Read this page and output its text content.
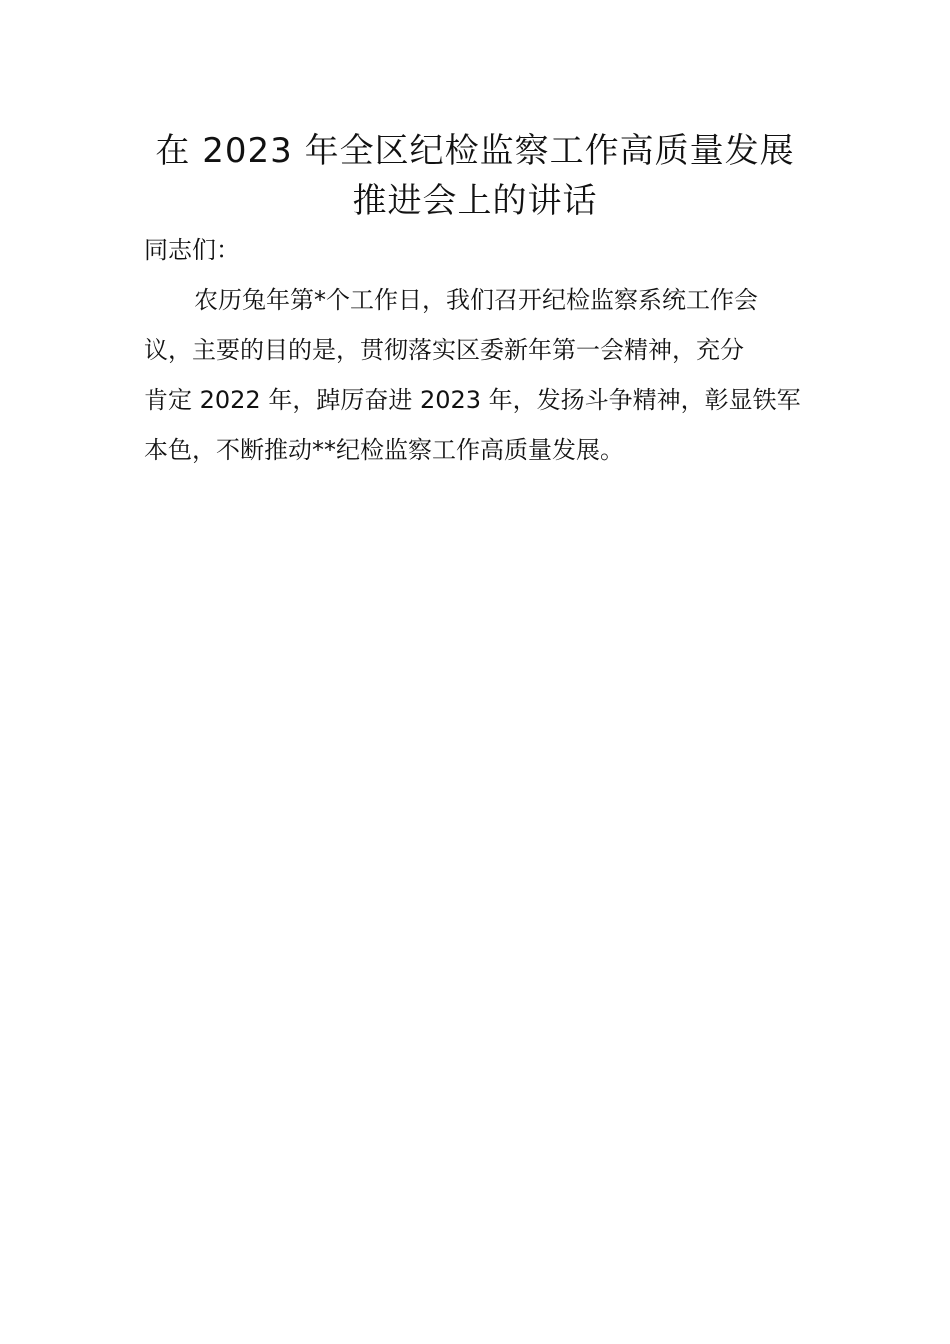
在 2023 年全区纪检监察工作高质量发展
推进会上的讲话
同志们：
农历兔年第*个工作日，我们召开纪检监察系统工作会
议，主要的目的是，贯彻落实区委新年第一会精神，充分
肯定 2022 年，踔厉奋进 2023 年，发扬斗争精神，彰显铁军
本色，不断推动**纪检监察工作高质量发展。
